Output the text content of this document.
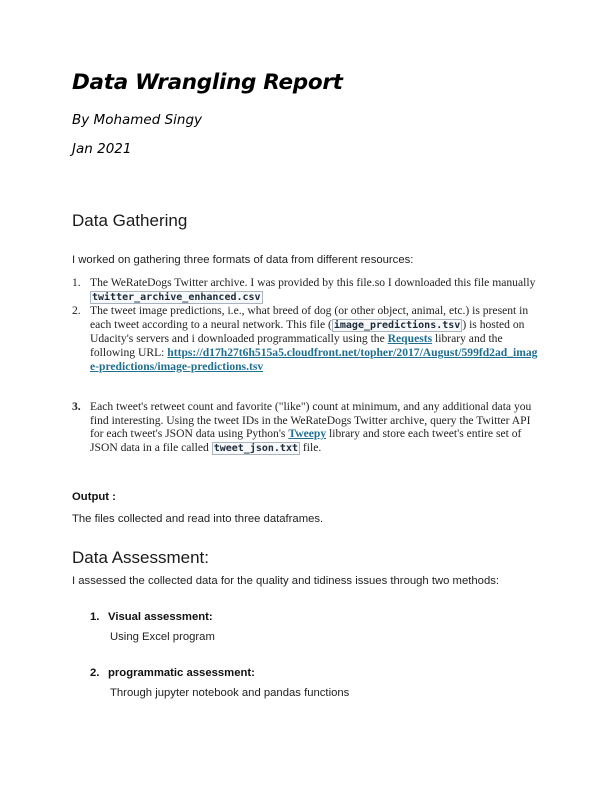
Data Wrangling Report
By Mohamed Singy
Jan 2021
Data Gathering
I worked on gathering three formats of data from different resources:
1. The WeRateDogs Twitter archive. I was provided by this file.so I downloaded this file manually twitter_archive_enhanced.csv
2. The tweet image predictions, i.e., what breed of dog (or other object, animal, etc.) is present in each tweet according to a neural network. This file ( image_predictions.tsv ) is hosted on Udacity's servers and i downloaded programmatically using the Requests library and the following URL: https://d17h27t6h515a5.cloudfront.net/topher/2017/August/599fd2ad_image-predictions/image-predictions.tsv
3. Each tweet's retweet count and favorite ("like") count at minimum, and any additional data you find interesting. Using the tweet IDs in the WeRateDogs Twitter archive, query the Twitter API for each tweet's JSON data using Python's Tweepy library and store each tweet's entire set of JSON data in a file called tweet_json.txt file.
Output :
The files collected and read into three dataframes.
Data Assessment:
I assessed the collected data for the quality and tidiness issues through two methods:
1. Visual assessment:
Using Excel program
2. programmatic assessment:
Through jupyter notebook and pandas functions
